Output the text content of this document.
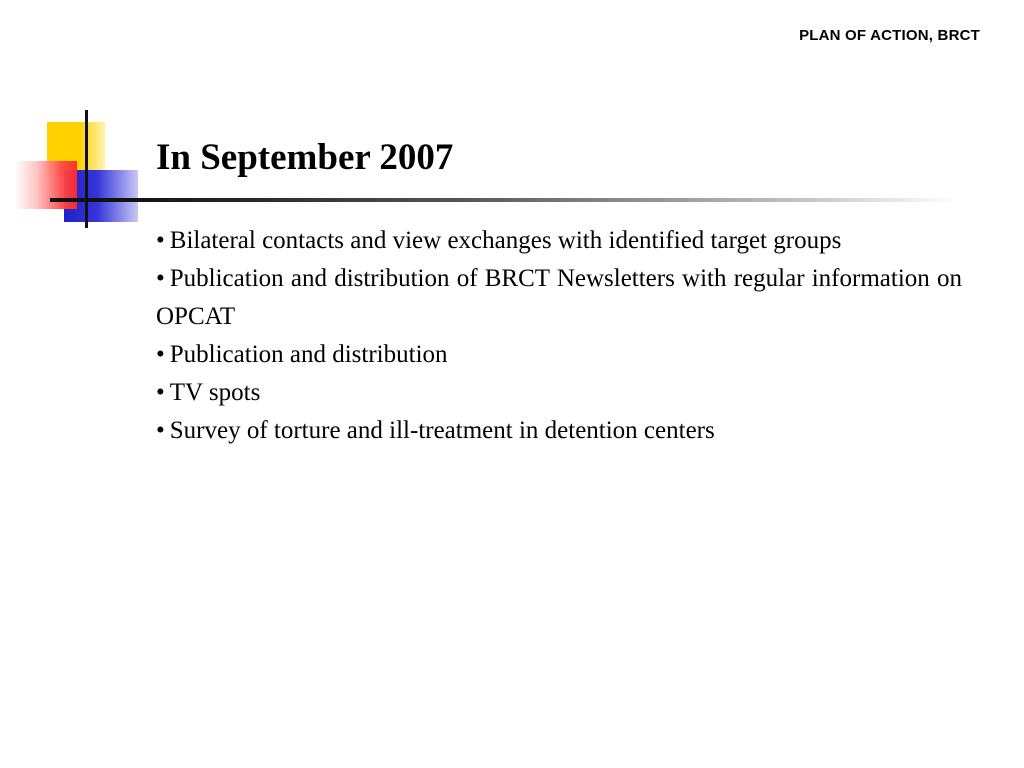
PLAN OF ACTION, BRCT
In September 2007
• Bilateral contacts and view exchanges with identified target groups
• Publication and distribution of BRCT Newsletters with regular information on OPCAT
• Publication and distribution
• TV spots
• Survey of torture and ill-treatment in detention centers
